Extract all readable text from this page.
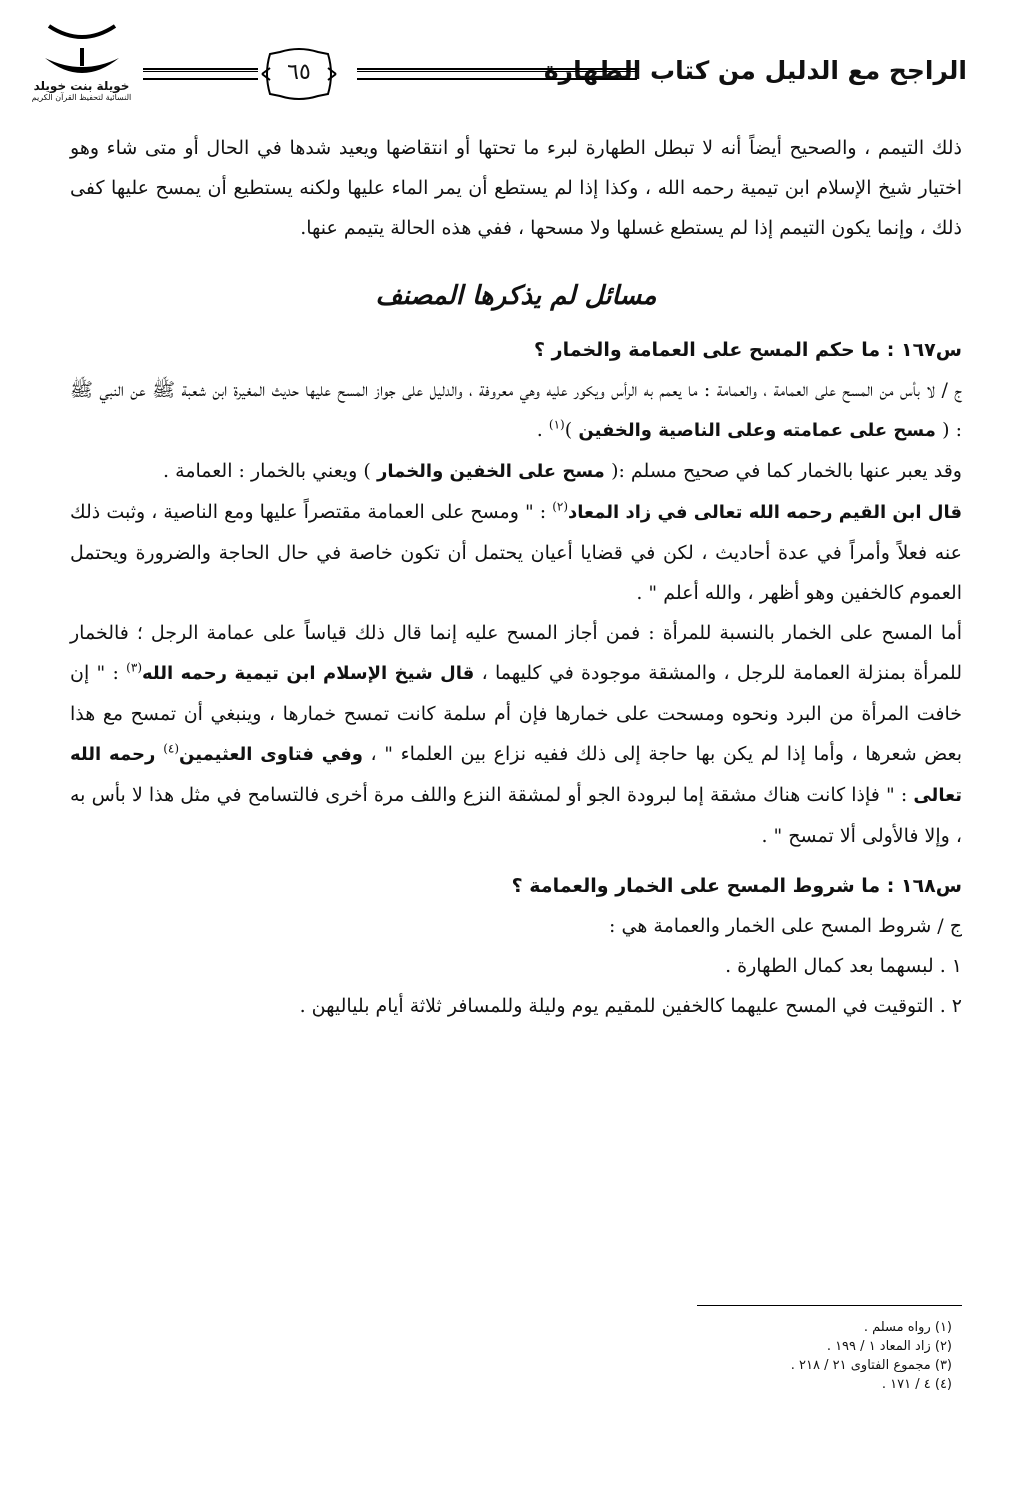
الراجح مع الدليل من كتاب الطهارة
٦٥
خويلة بنت خويلد
النسائية لتحفيظ القرآن الكريم

ذلك التيمم ، والصحيح أيضاً أنه لا تبطل الطهارة لبرء ما تحتها أو انتقاضها ويعيد شدها في الحال أو متى شاء وهو اختيار شيخ الإسلام ابن تيمية رحمه الله ، وكذا إذا لم يستطع أن يمر الماء عليها ولكنه يستطيع أن يمسح عليها كفى ذلك ، وإنما يكون التيمم إذا لم يستطع غسلها ولا مسحها ، ففي هذه الحالة يتيمم عنها.

مسائل لم يذكرها المصنف

س١٦٧ : ما حكم المسح على العمامة والخمار ؟

ج / لا بأس من المسح على العمامة ، والعمامة : ما يعمم به الرأس ويكور عليه وهي معروفة ، والدليل على جواز المسح عليها حديث المغيرة ابن شعبة ﷺ عن النبي ﷺ : ( مسح على عمامته وعلى الناصية والخفين )$^{(١)}$ .

وقد يعبر عنها بالخمار كما في صحيح مسلم :( مسح على الخفين والخمار ) ويعني بالخمار : العمامة .

قال ابن القيم رحمه الله تعالى في زاد المعاد$^{(٢)}$ : " ومسح على العمامة مقتصراً عليها ومع الناصية ، وثبت ذلك عنه فعلاً وأمراً في عدة أحاديث ، لكن في قضايا أعيان يحتمل أن تكون خاصة في حال الحاجة والضرورة ويحتمل العموم كالخفين وهو أظهر ، والله أعلم " .

أما المسح على الخمار بالنسبة للمرأة : فمن أجاز المسح عليه إنما قال ذلك قياساً على عمامة الرجل ؛ فالخمار للمرأة بمنزلة العمامة للرجل ، والمشقة موجودة في كليهما ، قال شيخ الإسلام ابن تيمية رحمه الله$^{(٣)}$ : " إن خافت المرأة من البرد ونحوه ومسحت على خمارها فإن أم سلمة كانت تمسح خمارها ، وينبغي أن تمسح مع هذا بعض شعرها ، وأما إذا لم يكن بها حاجة إلى ذلك ففيه نزاع بين العلماء " ، وفي فتاوى العثيمين$^{(٤)}$ رحمه الله تعالى : " فإذا كانت هناك مشقة إما لبرودة الجو أو لمشقة النزع واللف مرة أخرى فالتسامح في مثل هذا لا بأس به ، وإلا فالأولى ألا تمسح " .

س١٦٨ : ما شروط المسح على الخمار والعمامة ؟

ج / شروط المسح على الخمار والعمامة هي :

١ . لبسهما بعد كمال الطهارة .

٢ . التوقيت في المسح عليهما كالخفين للمقيم يوم وليلة وللمسافر ثلاثة أيام بلياليهن .

(١) رواه مسلم .
(٢) زاد المعاد ١ / ١٩٩ .
(٣) مجموع الفتاوى ٢١ / ٢١٨ .
(٤) ٤ / ١٧١ .
